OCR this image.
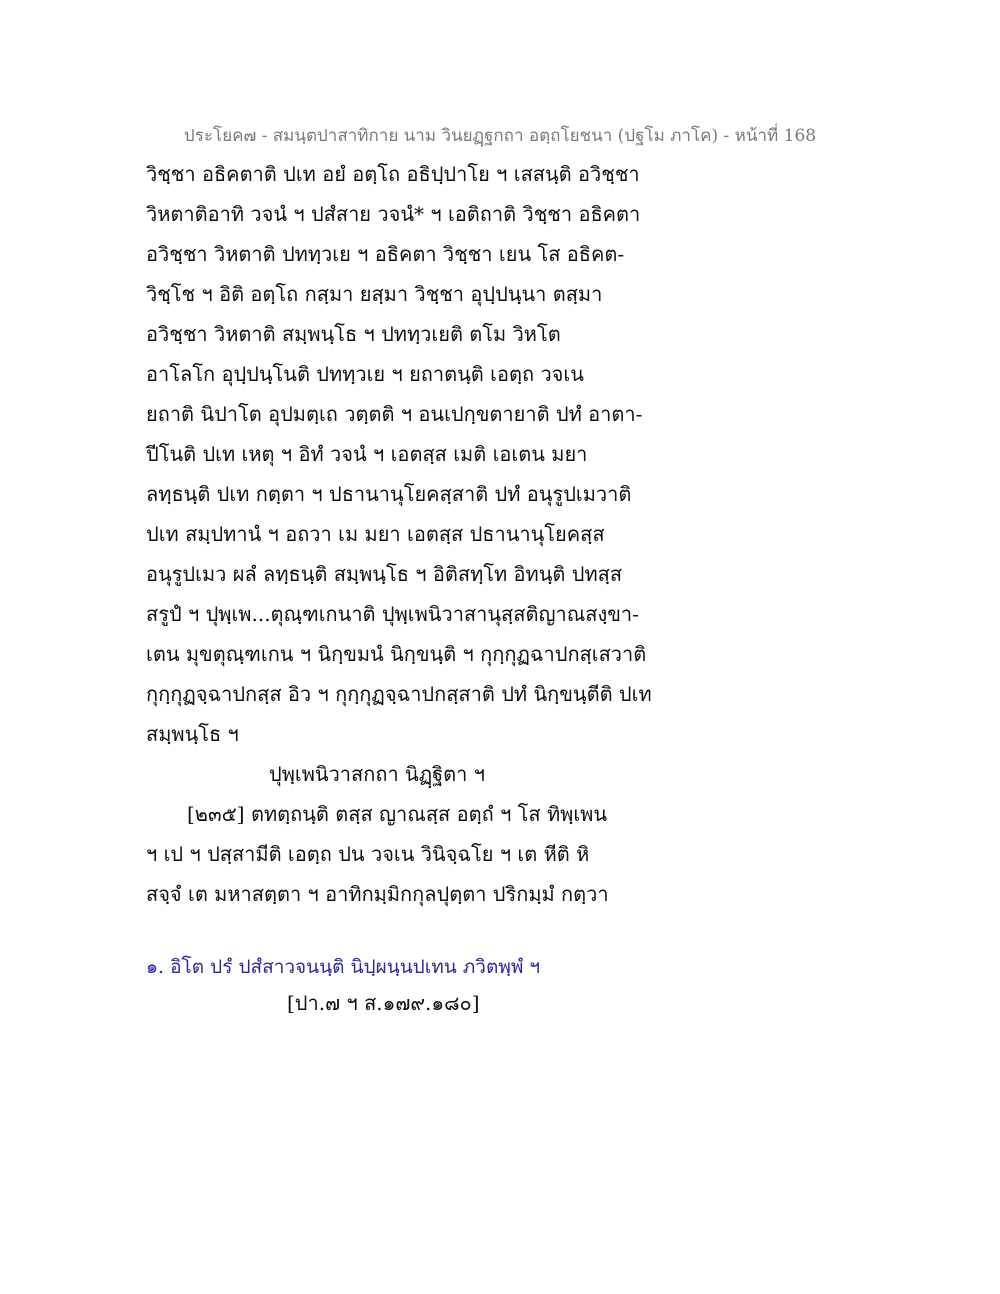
ประโยค๗ - สมนฺตปาสาทิกาย นาม วินยฏฺฐกถา อตฺถโยชนา (ปฐโม ภาโค) - หน้าที่ 168
วิชฺชา อธิคตาติ ปเท อยํ อตฺโถ อธิปฺปาโย ฯ เสสนฺติ อวิชฺชา
วิหตาติอาทิ วจนํ ฯ ปสํสาย วจนํ* ฯ เอติถาติ วิชฺชา อธิคตา
อวิชฺชา วิหตาติ ปททฺวเย ฯ อธิคตา วิชฺชา เยน โส อธิคต-
วิชฺโช ฯ อิติ อตฺโถ กสฺมา ยสฺมา วิชฺชา อุปฺปนฺนา ตสฺมา
อวิชฺชา วิหตาติ สมฺพนฺโธ ฯ ปททฺวเยติ ตโม วิหโต
อาโลโก อุปฺปนฺโนติ ปททฺวเย ฯ ยถาตนฺติ เอตฺถ วจเน
ยถาติ นิปาโต อุปมตฺเถ วตฺตติ ฯ อนเปกฺขตายาติ ปทํ อาตา-
ปีโนติ ปเท เหตุ ฯ อิทํ วจนํ ฯ เอตสฺส เมติ เอเตน มยา
ลทฺธนฺติ ปเท กตฺตา ฯ ปธานานุโยคสฺสาติ ปทํ อนุรูปเมวาติ
ปเท สมฺปทานํ ฯ อถวา เม มยา เอตสฺส ปธานานุโยคสฺส
อนุรูปเมว ผลํ ลทฺธนฺติ สมฺพนฺโธ ฯ อิติสทฺโท อิทนฺติ ปทสฺส
สรูปํ ฯ ปุพฺเพ...ตุณฺฑเกนาติ ปุพฺเพนิวาสานุสฺสติญาณสงฺขา-
เตน มุขตุณฺฑเกน ฯ นิกฺขมนํ นิกฺขนฺติ ฯ กุกฺกุฏฉาปกสฺเสวาติ
กุกฺกุฏจฺฉาปกสฺส อิว ฯ กุกฺกุฏจฺฉาปกสฺสาติ ปทํ นิกฺขนฺตีติ ปเท
สมฺพนฺโธ ฯ
ปุพฺเพนิวาสกถา นิฏฺฐิตา ฯ
[๒๓๕] ตทตฺถนฺติ ตสฺส ญาณสฺส อตฺถํ ฯ โส ทิพฺเพน
ฯ เป ฯ ปสฺสามีติ เอตฺถ ปน วจเน วินิจฺฉโย ฯ เต หีติ หิ
สจฺจํ เต มหาสตฺตา ฯ อาทิกมฺมิกกุลปุตฺตา ปริกมฺมํ กตฺวา
๑. อิโต ปรํ ปสํสาวจนนฺติ นิปฺผนฺนปเทน ภวิตพฺพํ ฯ
[ปา.๗ ฯ ส.๑๗๙.๑๘๐]
